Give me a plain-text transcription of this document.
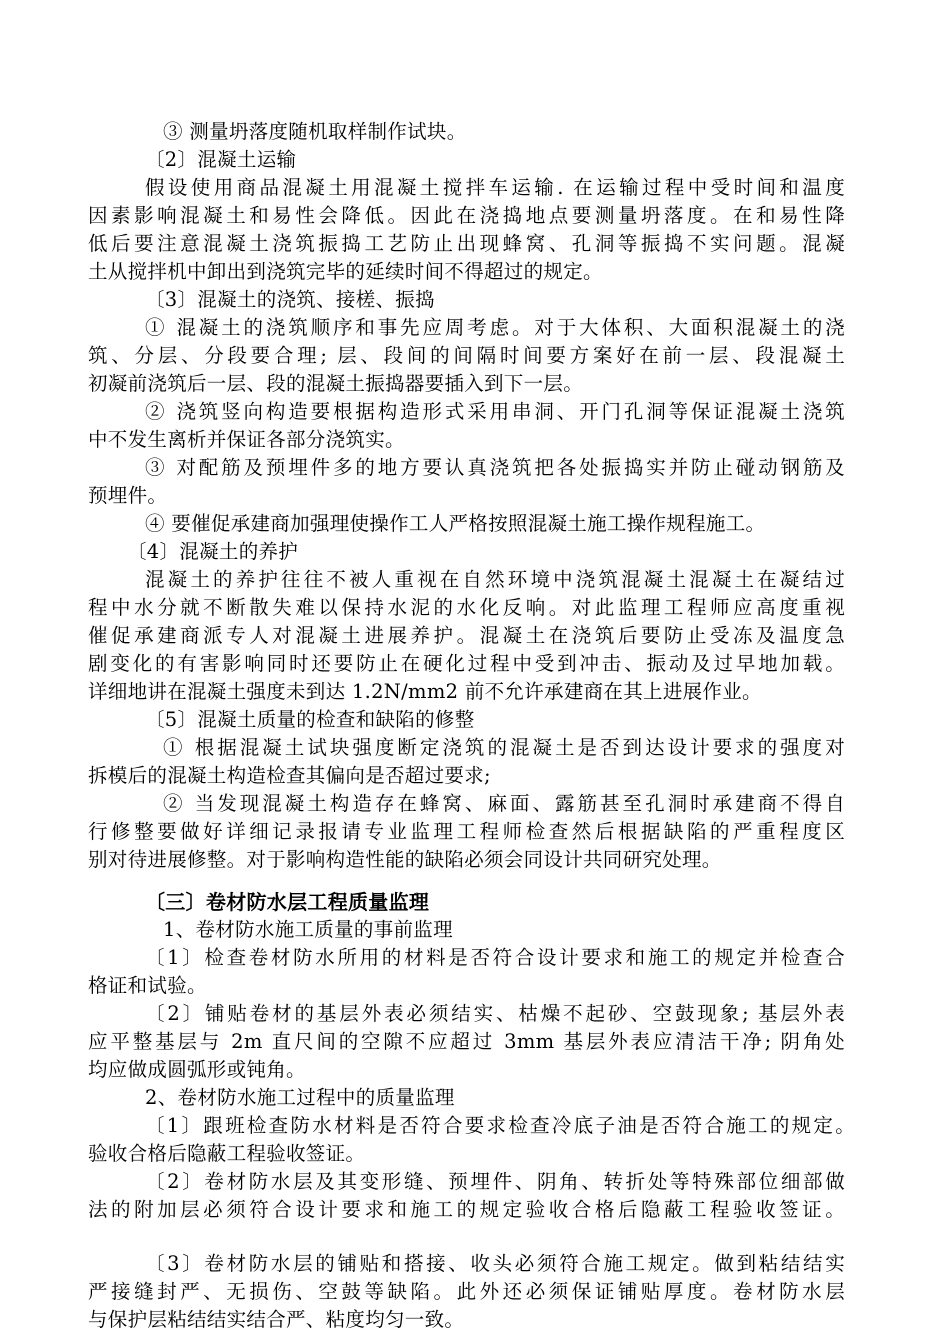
③ 测量坍落度随机取样制作试块。
〔2〕混凝土运输
假设使用商品混凝土用混凝土搅拌车运输. 在运输过程中受时间和温度
因素影响混凝土和易性会降低。因此在浇捣地点要测量坍落度。在和易性降
低后要注意混凝土浇筑振捣工艺防止出现蜂窝、孔洞等振捣不实问题。混凝
土从搅拌机中卸出到浇筑完毕的延续时间不得超过的规定。
〔3〕混凝土的浇筑、接槎、振捣
① 混凝土的浇筑顺序和事先应周考虑。对于大体积、大面积混凝土的浇
筑、分层、分段要合理; 层、段间的间隔时间要方案好在前一层、段混凝土
初凝前浇筑后一层、段的混凝土振捣器要插入到下一层。
② 浇筑竖向构造要根据构造形式采用串洞、开门孔洞等保证混凝土浇筑
中不发生离析并保证各部分浇筑实。
③ 对配筋及预埋件多的地方要认真浇筑把各处振捣实并防止碰动钢筋及
预埋件。
④ 要催促承建商加强理使操作工人严格按照混凝土施工操作规程施工。
〔4〕混凝土的养护
混凝土的养护往往不被人重视在自然环境中浇筑混凝土混凝土在凝结过
程中水分就不断散失难以保持水泥的水化反响。对此监理工程师应高度重视
催促承建商派专人对混凝土进展养护。混凝土在浇筑后要防止受冻及温度急
剧变化的有害影响同时还要防止在硬化过程中受到冲击、振动及过早地加载。
详细地讲在混凝土强度未到达 1.2N/mm2 前不允许承建商在其上进展作业。
〔5〕混凝土质量的检查和缺陷的修整
① 根据混凝土试块强度断定浇筑的混凝土是否到达设计要求的强度对
拆模后的混凝土构造检查其偏向是否超过要求;
② 当发现混凝土构造存在蜂窝、麻面、露筋甚至孔洞时承建商不得自
行修整要做好详细记录报请专业监理工程师检查然后根据缺陷的严重程度区
别对待进展修整。对于影响构造性能的缺陷必须会同设计共同研究处理。
〔三〕卷材防水层工程质量监理
1、卷材防水施工质量的事前监理
〔1〕检查卷材防水所用的材料是否符合设计要求和施工的规定并检查合
格证和试验。
〔2〕铺贴卷材的基层外表必须结实、枯燥不起砂、空鼓现象; 基层外表
应平整基层与 2m 直尺间的空隙不应超过 3mm 基层外表应清洁干净; 阴角处
均应做成圆弧形或钝角。
2、卷材防水施工过程中的质量监理
〔1〕跟班检查防水材料是否符合要求检查冷底子油是否符合施工的规定。
验收合格后隐蔽工程验收签证。
〔2〕卷材防水层及其变形缝、预埋件、阴角、转折处等特殊部位细部做
法的附加层必须符合设计要求和施工的规定验收合格后隐蔽工程验收签证。
〔3〕卷材防水层的铺贴和搭接、收头必须符合施工规定。做到粘结结实
严接缝封严、无损伤、空鼓等缺陷。此外还必须保证铺贴厚度。卷材防水层
与保护层粘结结实结合严、粘度均匀一致。
